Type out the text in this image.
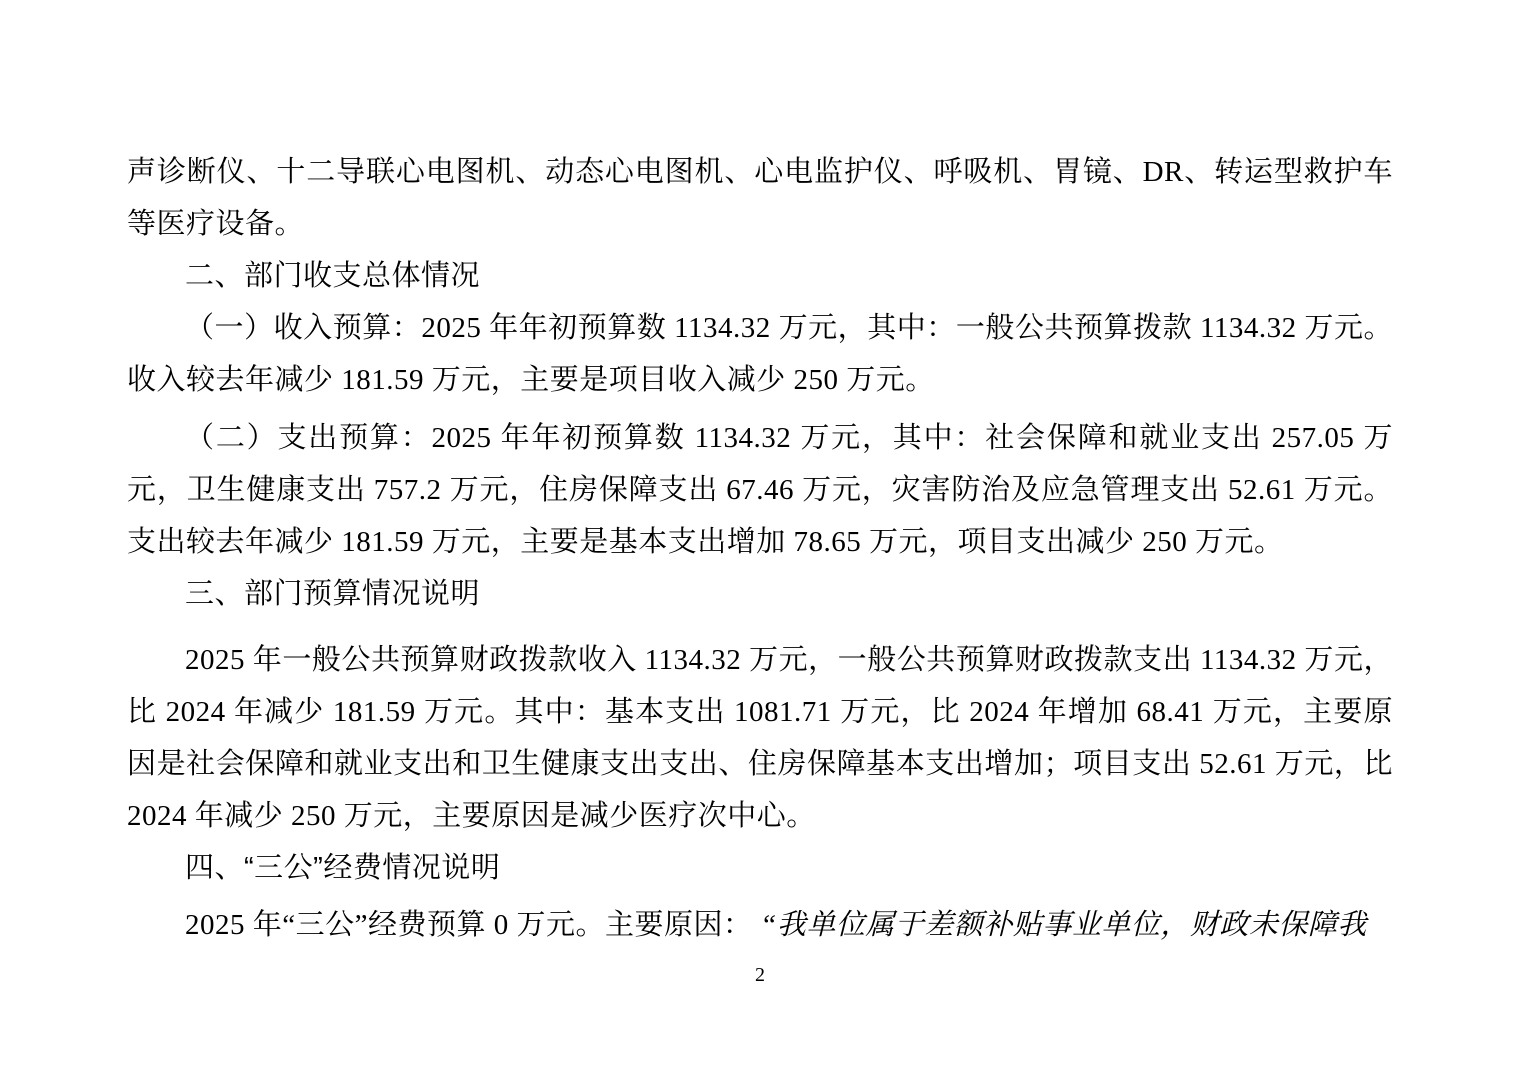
声诊断仪、十二导联心电图机、动态心电图机、心电监护仪、呼吸机、胃镜、DR、转运型救护车等医疗设备。

二、部门收支总体情况

（一）收入预算：2025 年年初预算数 1134.32 万元，其中：一般公共预算拨款 1134.32 万元。收入较去年减少 181.59 万元，主要是项目收入减少 250 万元。

（二）支出预算：2025 年年初预算数 1134.32 万元，其中：社会保障和就业支出 257.05 万元，卫生健康支出 757.2 万元，住房保障支出 67.46 万元，灾害防治及应急管理支出 52.61 万元。支出较去年减少 181.59 万元，主要是基本支出增加 78.65 万元，项目支出减少 250 万元。

三、部门预算情况说明

2025 年一般公共预算财政拨款收入 1134.32 万元，一般公共预算财政拨款支出 1134.32 万元，比 2024 年减少 181.59 万元。其中：基本支出 1081.71 万元，比 2024 年增加 68.41 万元，主要原因是社会保障和就业支出和卫生健康支出支出、住房保障基本支出增加；项目支出 52.61 万元，比 2024 年减少 250 万元，主要原因是减少医疗次中心。

四、“三公”经费情况说明

2025 年“三公”经费预算 0 万元。主要原因： “我单位属于差额补贴事业单位，财政未保障我

2
